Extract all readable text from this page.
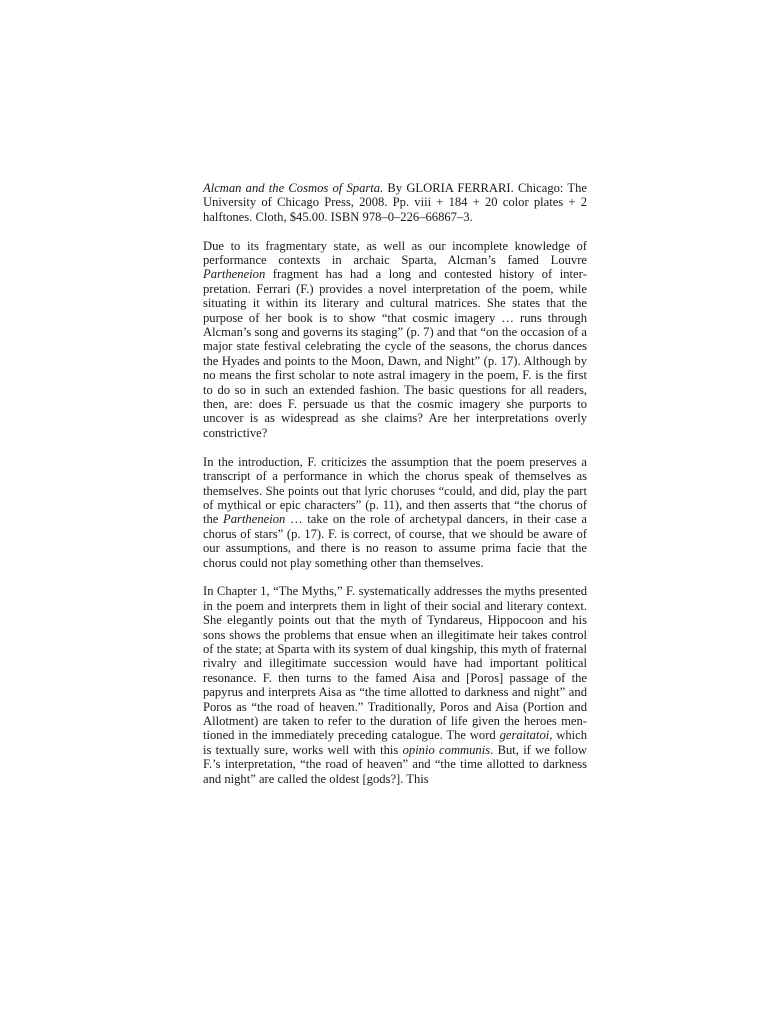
Alcman and the Cosmos of Sparta. By GLORIA FERRARI. Chicago: The University of Chicago Press, 2008. Pp. viii + 184 + 20 color plates + 2 halftones. Cloth, $45.00. ISBN 978–0–226–66867–3.

Due to its fragmentary state, as well as our incomplete knowledge of performance contexts in archaic Sparta, Alcman’s famed Louvre Partheneion fragment has had a long and contested history of interpretation. Ferrari (F.) provides a novel interpretation of the poem, while situating it within its literary and cultural matrices. She states that the purpose of her book is to show “that cosmic imagery … runs through Alcman’s song and governs its staging” (p. 7) and that “on the occasion of a major state festival celebrating the cycle of the seasons, the chorus dances the Hyades and points to the Moon, Dawn, and Night” (p. 17). Although by no means the first scholar to note astral imagery in the poem, F. is the first to do so in such an extended fashion. The basic questions for all readers, then, are: does F. persuade us that the cosmic imagery she purports to uncover is as widespread as she claims? Are her interpretations overly constrictive?

In the introduction, F. criticizes the assumption that the poem preserves a transcript of a performance in which the chorus speak of themselves as themselves. She points out that lyric choruses “could, and did, play the part of mythical or epic characters” (p. 11), and then asserts that “the chorus of the Partheneion … take on the role of archetypal dancers, in their case a chorus of stars” (p. 17). F. is correct, of course, that we should be aware of our assumptions, and there is no reason to assume prima facie that the chorus could not play something other than themselves.

In Chapter 1, “The Myths,” F. systematically addresses the myths presented in the poem and interprets them in light of their social and literary context. She elegantly points out that the myth of Tyndareus, Hippocoon and his sons shows the problems that ensue when an illegitimate heir takes control of the state; at Sparta with its system of dual kingship, this myth of fraternal rivalry and illegitimate succession would have had important political resonance. F. then turns to the famed Aisa and [Poros] passage of the papyrus and interprets Aisa as “the time allotted to darkness and night” and Poros as “the road of heaven.” Traditionally, Poros and Aisa (Portion and Allotment) are taken to refer to the duration of life given the heroes mentioned in the immediately preceding catalogue. The word geraitatoi, which is textually sure, works well with this opinio communis. But, if we follow F.’s interpretation, “the road of heaven” and “the time allotted to darkness and night” are called the oldest [gods?]. This
